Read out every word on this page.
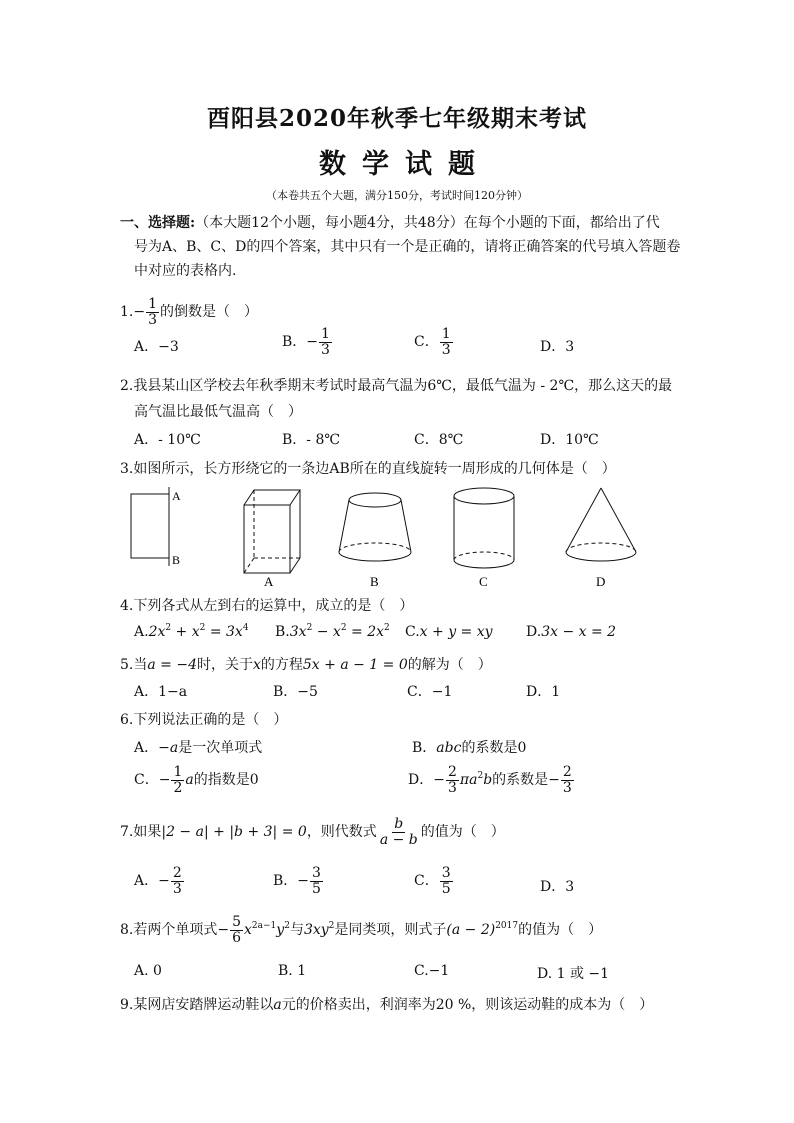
酉阳县2020年秋季七年级期末考试
数 学 试 题
（本卷共五个大题，满分150分，考试时间120分钟）
一、选择题:（本大题12个小题，每小题4分，共48分）在每个小题的下面，都给出了代
号为A、B、C、D的四个答案，其中只有一个是正确的，请将正确答案的代号填入答题卷
中对应的表格内.
$1.- \frac{1}{3}$ 的倒数是（　）
A．−3	B．− $\frac{1}{3}$	C． $\frac{1}{3}$	D．3
2.我县某山区学校去年秋季期末考试时最高气温为6℃，最低气温为 - 2℃，那么这天的最
高气温比最低气温高（　）
A．- 10℃	B．- 8℃	C．8℃	D．10℃
3.如图所示，长方形绕它的一条边AB所在的直线旋转一周形成的几何体是（　）
A
B
A	B	C	D
4.下列各式从左到右的运算中，成立的是（　）
$A.2x^2 + x^2 = 3x^4$ $B.3x^2 - x^2 = 2x^2$ C.x + y = xy D.3x − x = 2
5.当a = −4时，关于x的方程5x + a − 1 = 0的解为（　）
A．1−a	B．−5	C．−1	D．1
6.下列说法正确的是（　）
A．−a是一次单项式	B．abc的系数是0
C．− $\frac{1}{2}$ a的指数是0	D．− $\frac{2}{3} \pi a^2b$的系数是− $\frac{2}{3}$
7.如果|2 − a| + |b + 3| = 0，则代数式 $\frac{b}{a - b}$ 的值为（　）
A．− $\frac{2}{3}$	B．− $\frac{3}{5}$	C． $\frac{3}{5}$	D．3
8.若两个单项式− $\frac{5}{6} x^{2a-1}y^2$与$3xy^2$是同类项，则式子$(a - 2)^{2017}$的值为（　）
A. 0	B. 1	C.−1	D. 1 或 −1
9.某网店安踏牌运动鞋以a元的价格卖出，利润率为20 %，则该运动鞋的成本为（　）
